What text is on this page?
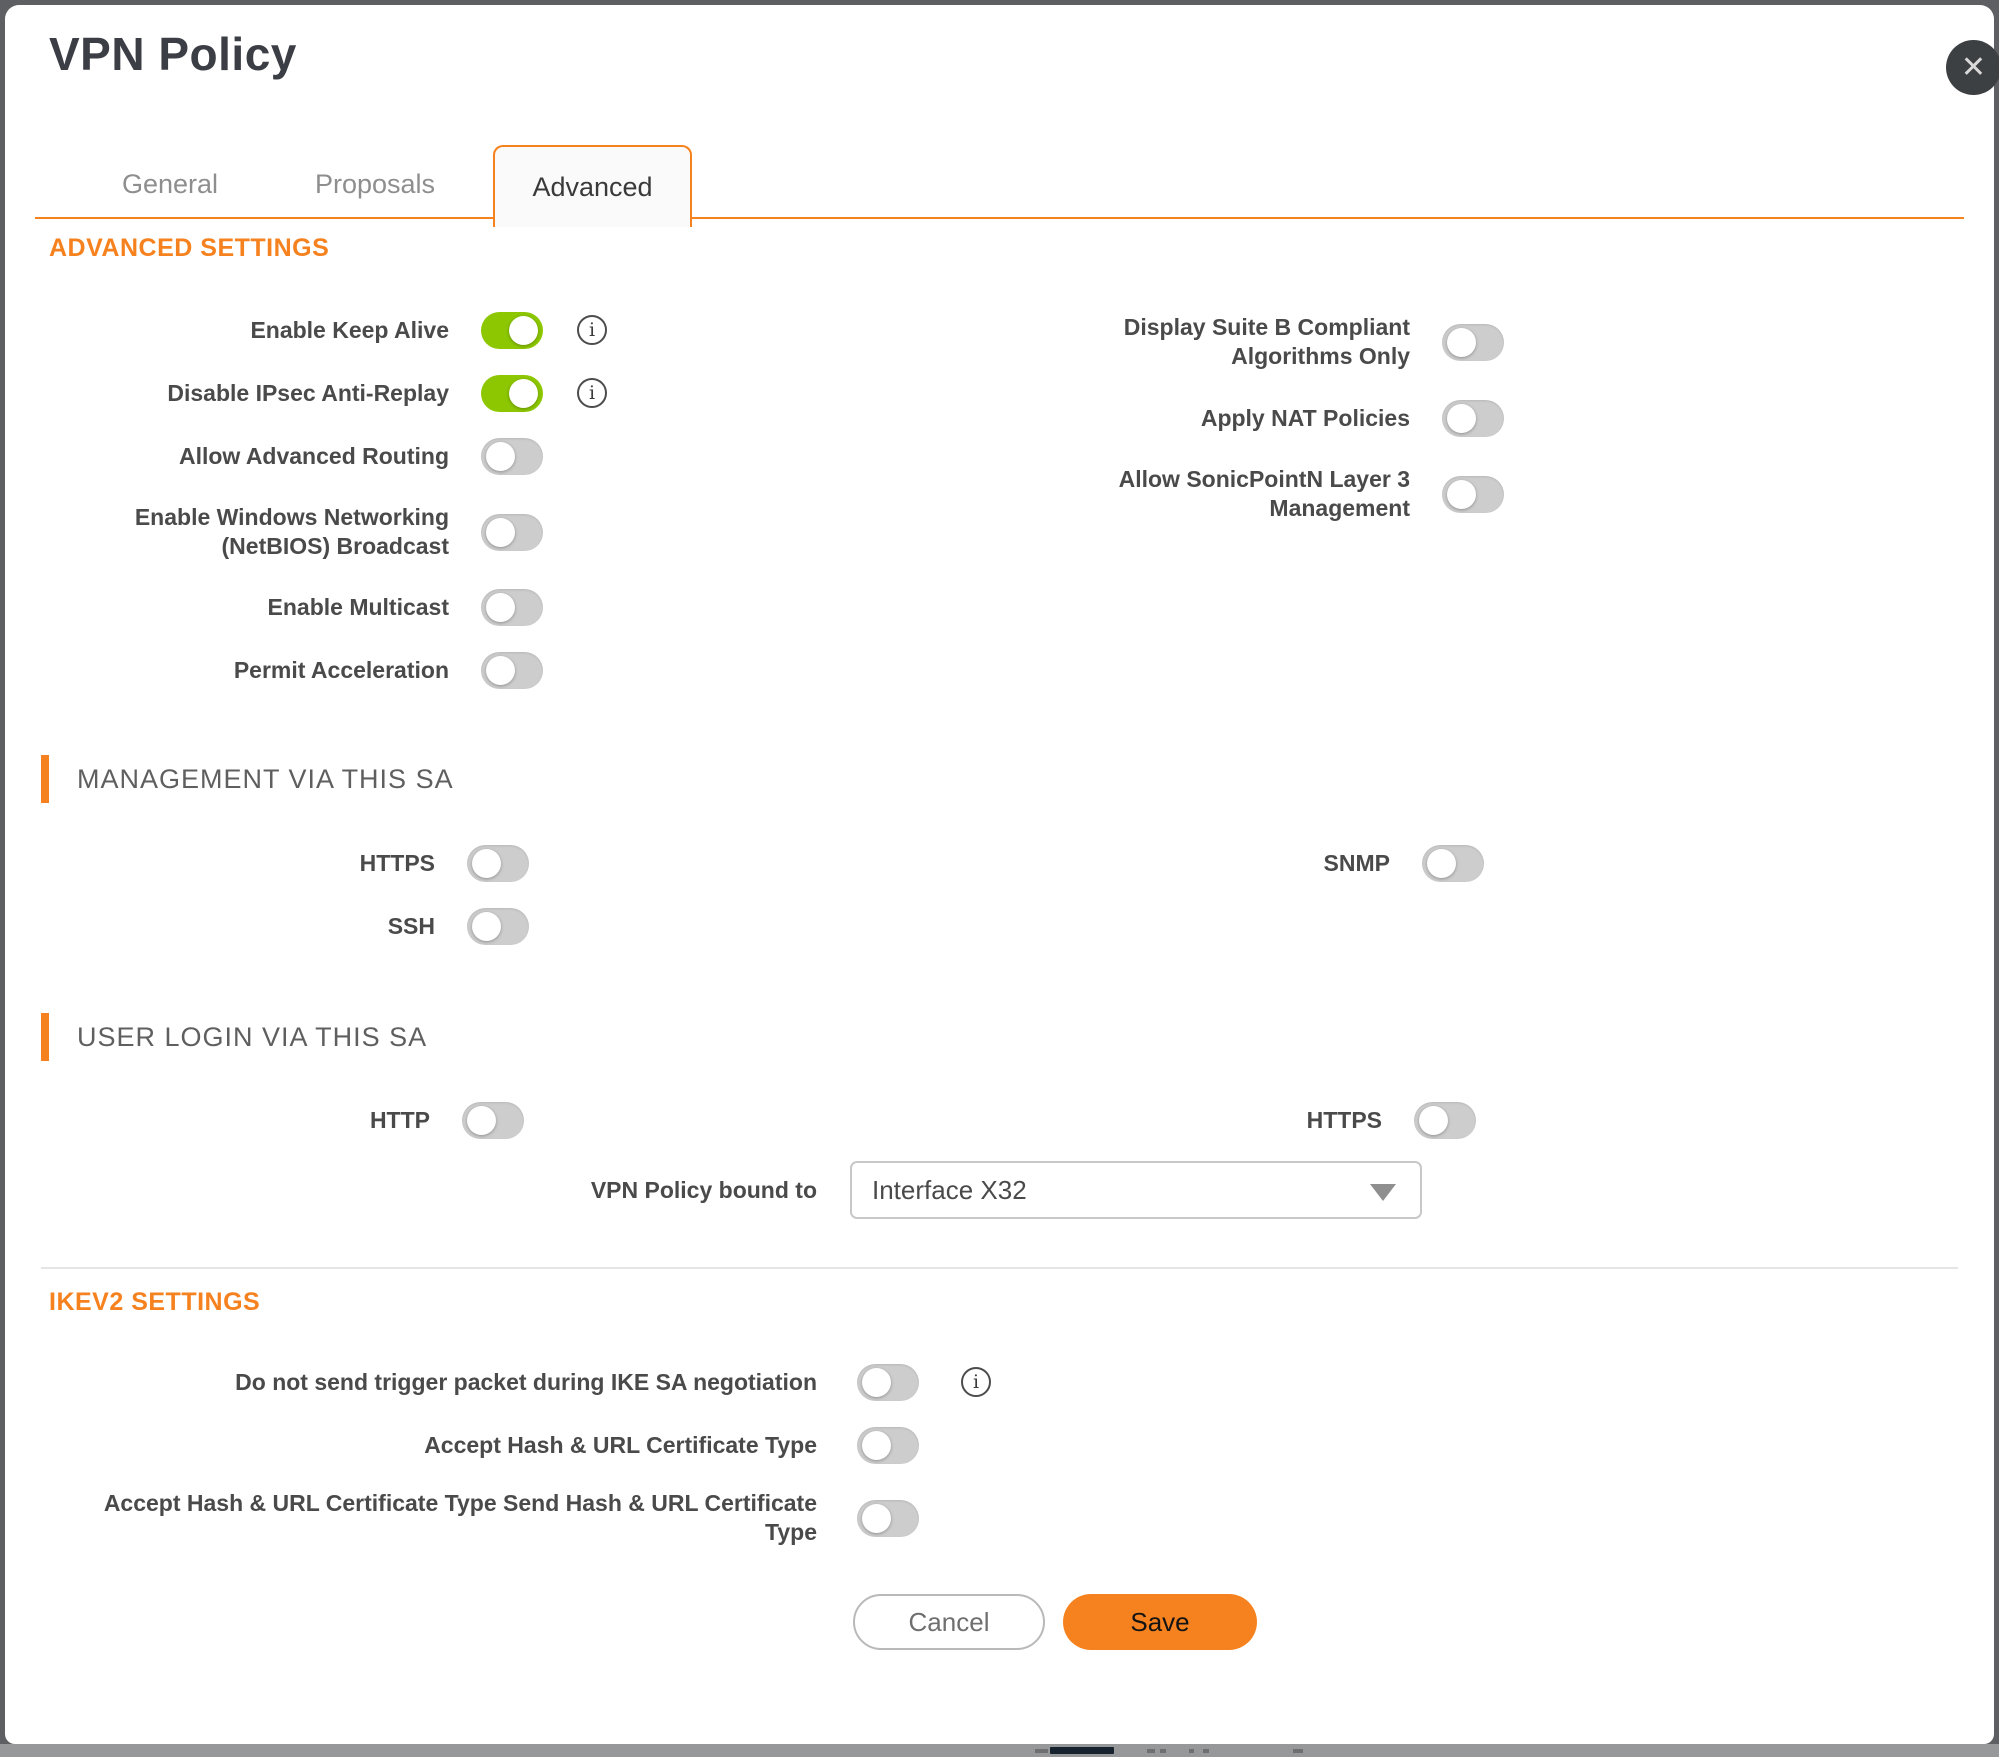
VPN Policy	✕
General	Proposals	Advanced
ADVANCED SETTINGS
Enable Keep Alive	i
Disable IPsec Anti-Replay	i
Allow Advanced Routing
Enable Windows Networking (NetBIOS) Broadcast
Enable Multicast
Permit Acceleration
Display Suite B Compliant Algorithms Only
Apply NAT Policies
Allow SonicPointN Layer 3 Management
MANAGEMENT VIA THIS SA
HTTPS
SSH
SNMP
USER LOGIN VIA THIS SA
HTTP	HTTPS
VPN Policy bound to Interface X32
IKEV2 SETTINGS
Do not send trigger packet during IKE SA negotiation	i
Accept Hash & URL Certificate Type
Accept Hash & URL Certificate Type Send Hash & URL Certificate Type
Cancel	Save
